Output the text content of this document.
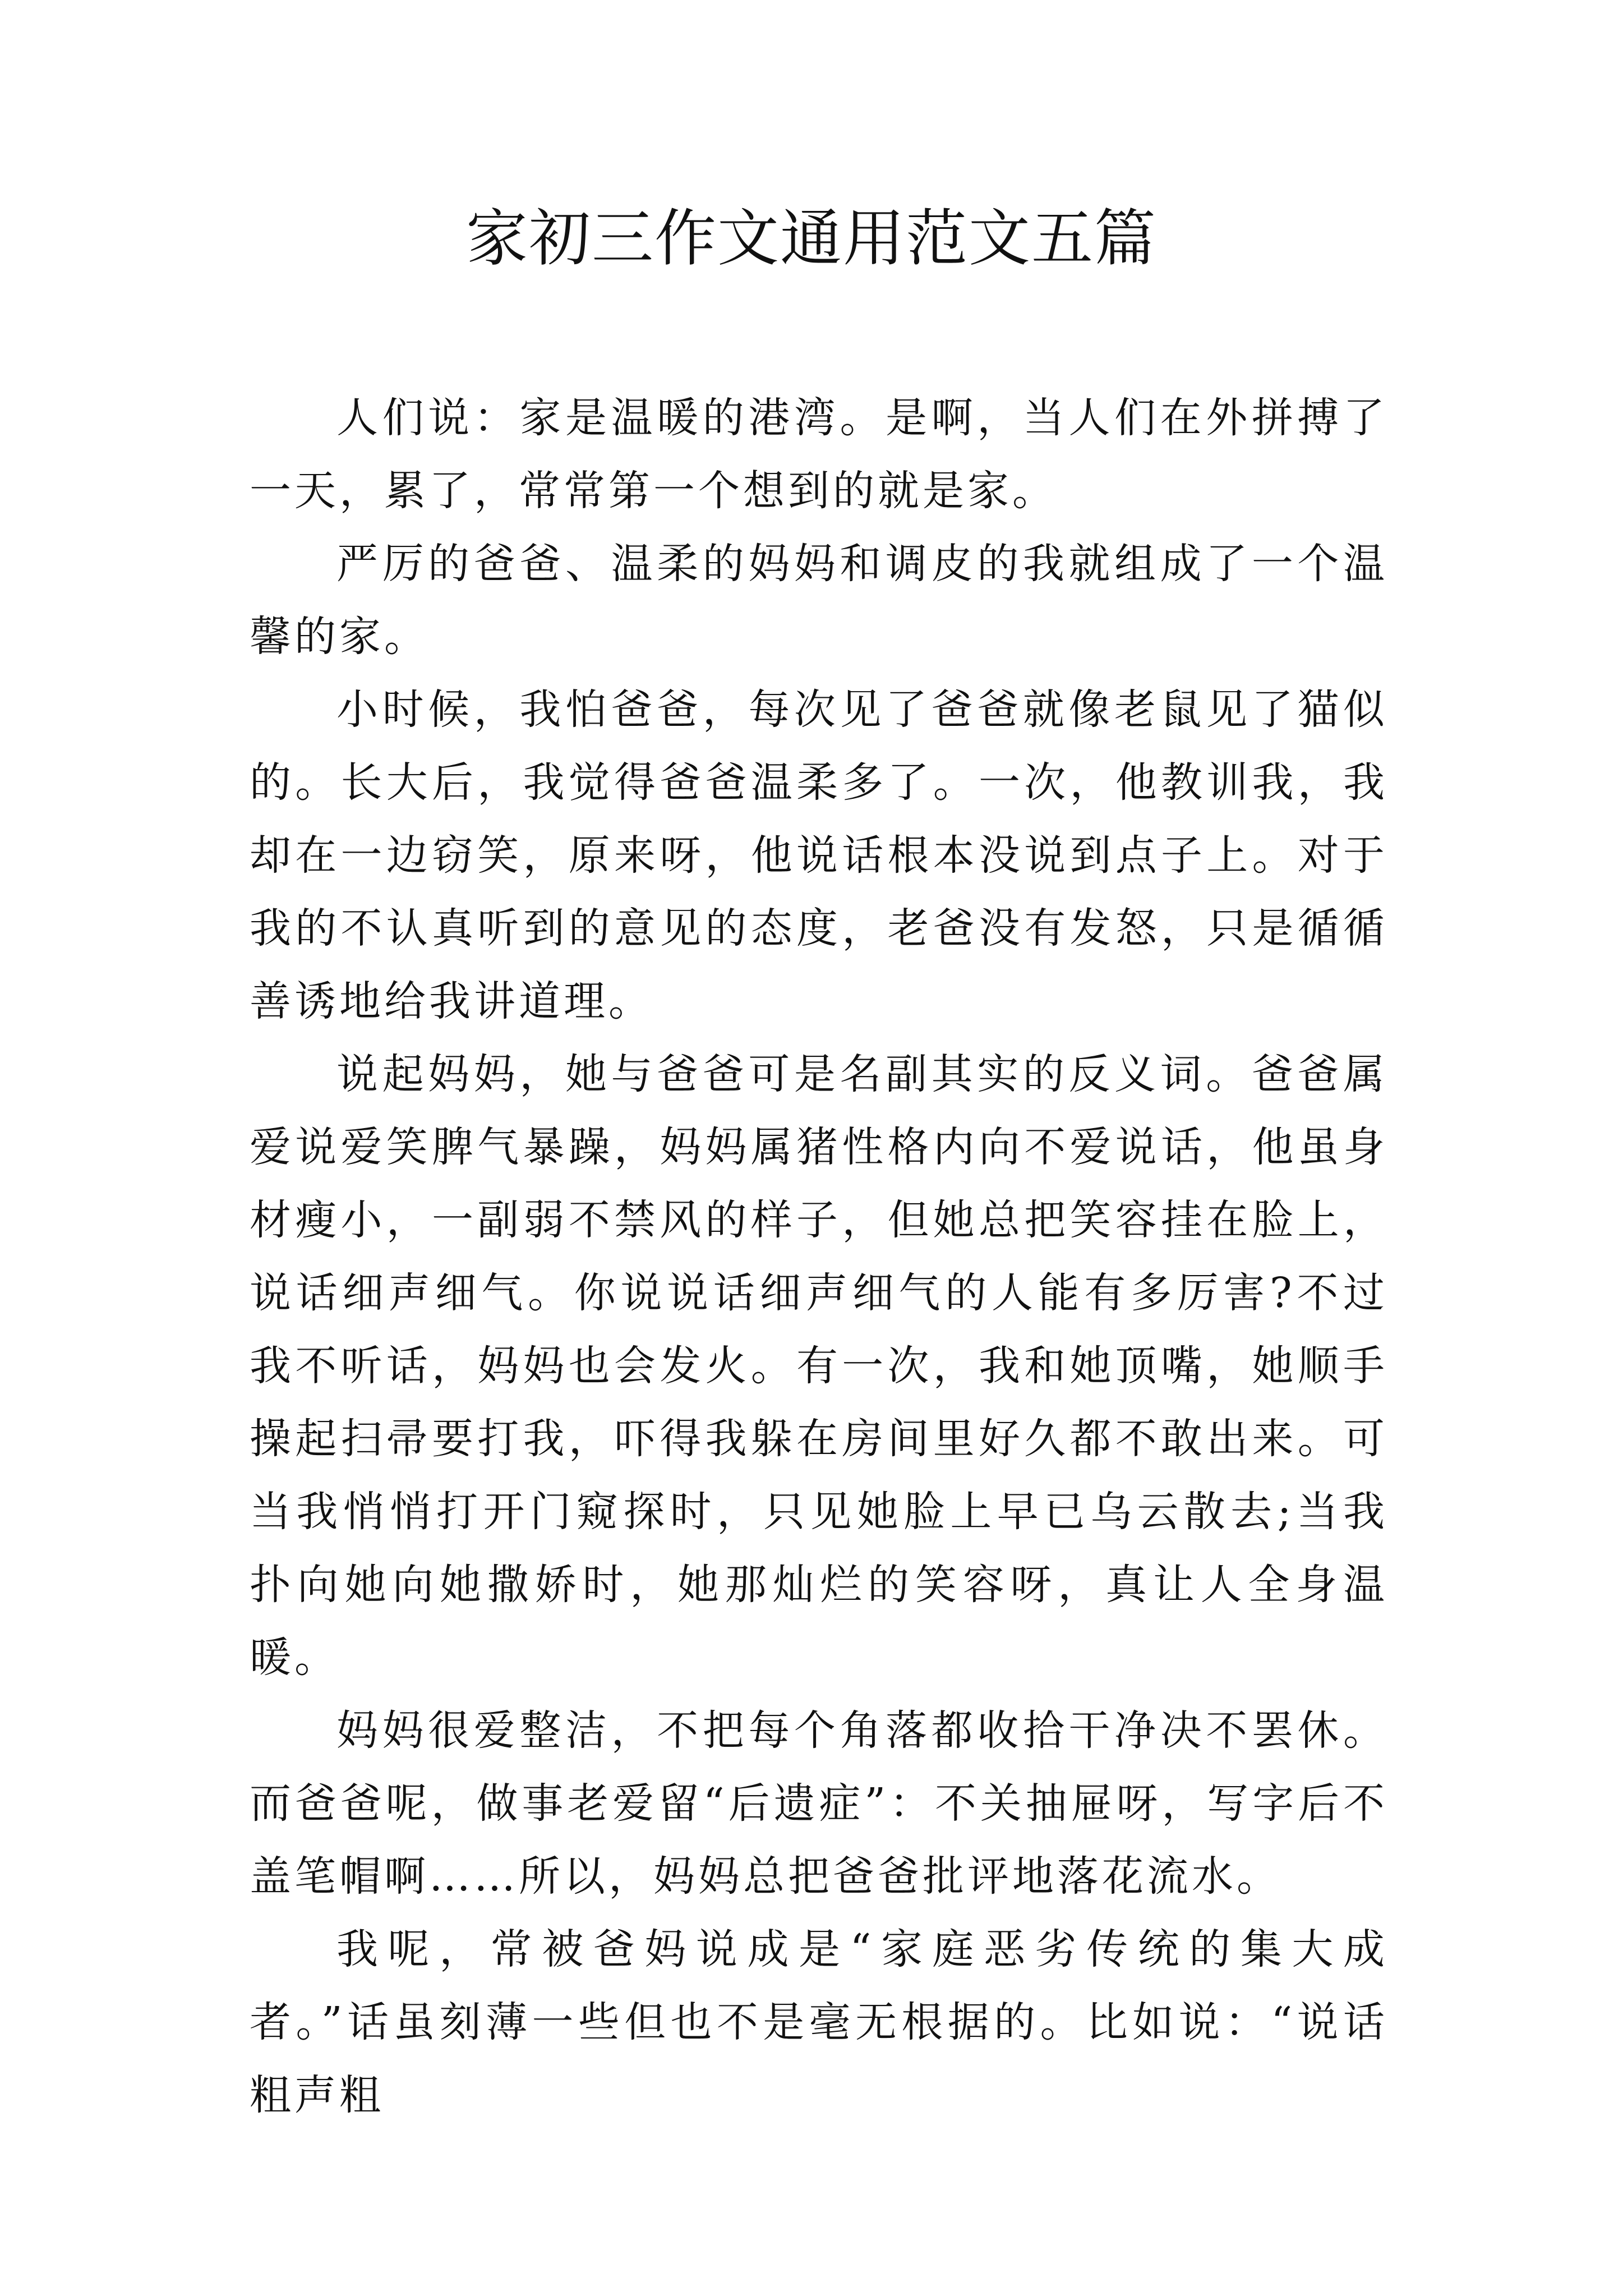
家初三作文通用范文五篇

人们说：家是温暖的港湾。是啊，当人们在外拼搏了一天，累了，常常第一个想到的就是家。

严厉的爸爸、温柔的妈妈和调皮的我就组成了一个温馨的家。

小时候，我怕爸爸，每次见了爸爸就像老鼠见了猫似的。长大后，我觉得爸爸温柔多了。一次，他教训我，我却在一边窃笑，原来呀，他说话根本没说到点子上。对于我的不认真听到的意见的态度，老爸没有发怒，只是循循善诱地给我讲道理。

说起妈妈，她与爸爸可是名副其实的反义词。爸爸属爱说爱笑脾气暴躁，妈妈属猪性格内向不爱说话，他虽身材瘦小，一副弱不禁风的样子，但她总把笑容挂在脸上，说话细声细气。你说说话细声细气的人能有多厉害?不过我不听话，妈妈也会发火。有一次，我和她顶嘴，她顺手操起扫帚要打我，吓得我躲在房间里好久都不敢出来。可当我悄悄打开门窥探时，只见她脸上早已乌云散去;当我扑向她向她撒娇时，她那灿烂的笑容呀，真让人全身温暖。

妈妈很爱整洁，不把每个角落都收拾干净决不罢休。而爸爸呢，做事老爱留“后遗症”：不关抽屉呀，写字后不盖笔帽啊……所以，妈妈总把爸爸批评地落花流水。

我呢，常被爸妈说成是“家庭恶劣传统的集大成者。”话虽刻薄一些但也不是毫无根据的。比如说：“说话粗声粗
